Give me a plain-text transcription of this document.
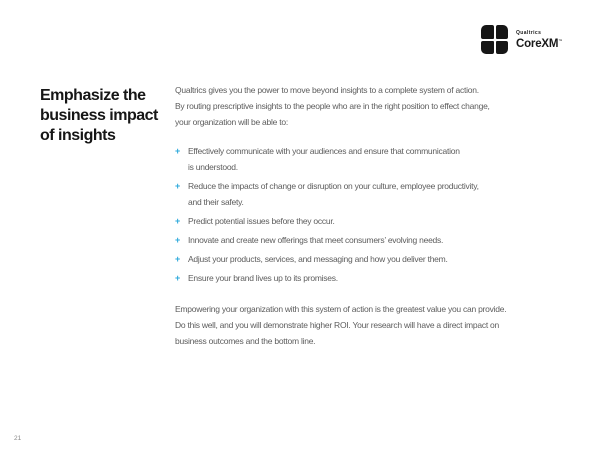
Qualtrics
CoreXM™
Emphasize the
business impact
of insights
Qualtrics gives you the power to move beyond insights to a complete system of action.
By routing prescriptive insights to the people who are in the right position to effect change,
your organization will be able to:
+ Effectively communicate with your audiences and ensure that communication
is understood.
+ Reduce the impacts of change or disruption on your culture, employee productivity,
and their safety.
+ Predict potential issues before they occur.
+ Innovate and create new offerings that meet consumers’ evolving needs.
+ Adjust your products, services, and messaging and how you deliver them.
+ Ensure your brand lives up to its promises.
Empowering your organization with this system of action is the greatest value you can provide.
Do this well, and you will demonstrate higher ROI. Your research will have a direct impact on
business outcomes and the bottom line.
21
